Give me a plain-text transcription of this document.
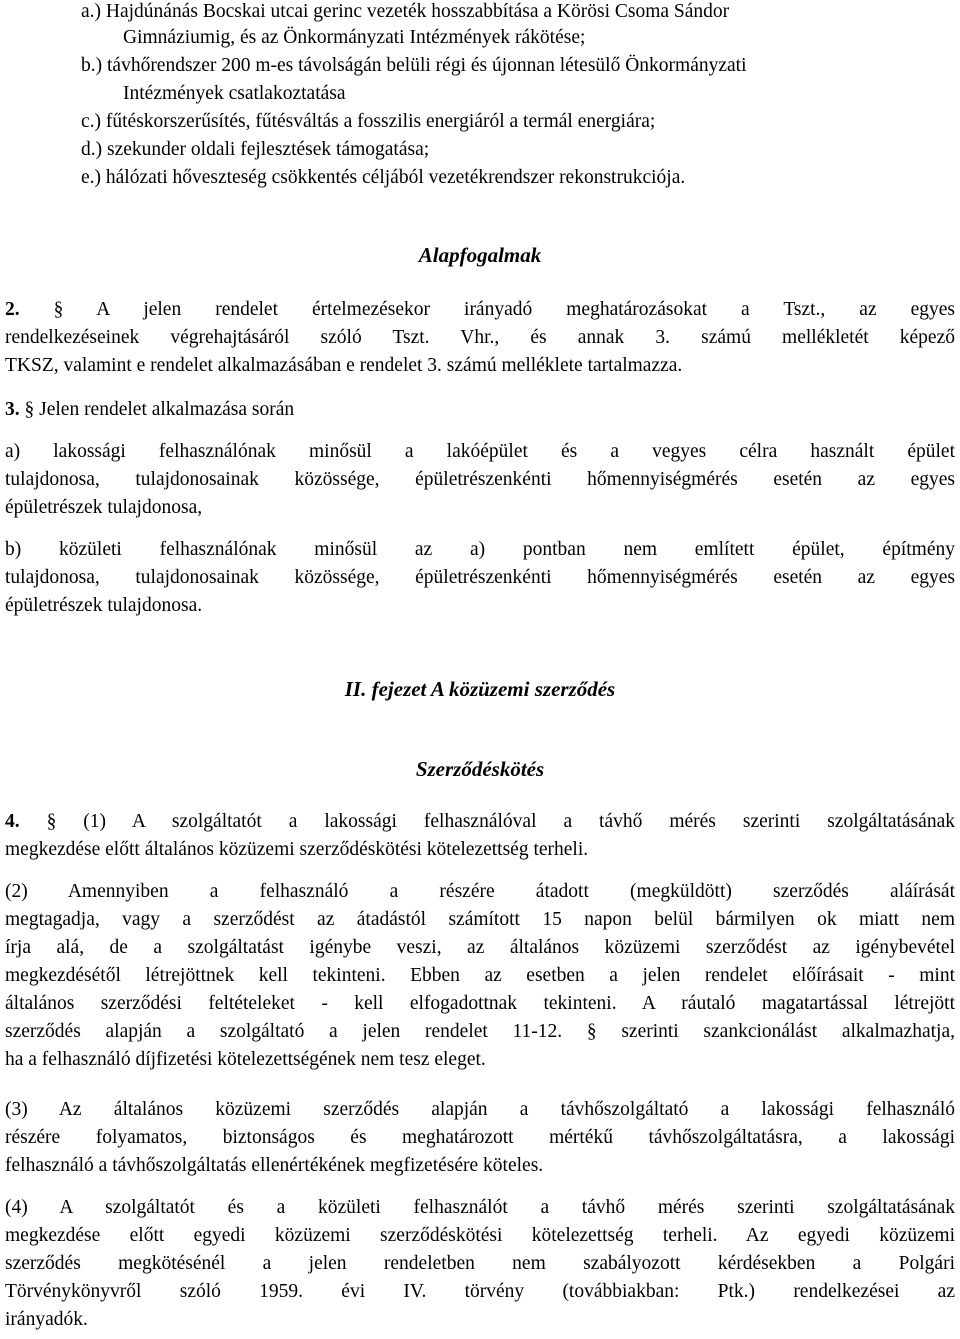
a.) Hajdúnánás Bocskai utcai gerinc vezeték hosszabbítása a Körösi Csoma Sándor
Gimnáziumig, és az Önkormányzati Intézmények rákötése;
b.) távhőrendszer 200 m-es távolságán belüli régi és újonnan létesülő Önkormányzati
Intézmények csatlakoztatása
c.) fűtéskorszerűsítés, fűtésváltás a fosszilis energiáról a termál energiára;
d.) szekunder oldali fejlesztések támogatása;
e.) hálózati hőveszteség csökkentés céljából vezetékrendszer rekonstrukciója.
Alapfogalmak
2. § A jelen rendelet értelmezésekor irányadó meghatározásokat a Tszt., az egyes
rendelkezéseinek végrehajtásáról szóló Tszt. Vhr., és annak 3. számú mellékletét képező
TKSZ, valamint e rendelet alkalmazásában e rendelet 3. számú melléklete tartalmazza.
3. § Jelen rendelet alkalmazása során
a) lakossági felhasználónak minősül a lakóépület és a vegyes célra használt épület
tulajdonosa, tulajdonosainak közössége, épületrészenkénti hőmennyiségmérés esetén az egyes
épületrészek tulajdonosa,
b) közületi felhasználónak minősül az a) pontban nem említett épület, építmény
tulajdonosa, tulajdonosainak közössége, épületrészenkénti hőmennyiségmérés esetén az egyes
épületrészek tulajdonosa.
II. fejezet A közüzemi szerződés
Szerződéskötés
4. § (1) A szolgáltatót a lakossági felhasználóval a távhő mérés szerinti szolgáltatásának
megkezdése előtt általános közüzemi szerződéskötési kötelezettség terheli.
(2) Amennyiben a felhasználó a részére átadott (megküldött) szerződés aláírását
megtagadja, vagy a szerződést az átadástól számított 15 napon belül bármilyen ok miatt nem
írja alá, de a szolgáltatást igénybe veszi, az általános közüzemi szerződést az igénybevétel
megkezdésétől létrejöttnek kell tekinteni. Ebben az esetben a jelen rendelet előírásait - mint
általános szerződési feltételeket - kell elfogadottnak tekinteni. A ráutaló magatartással létrejött
szerződés alapján a szolgáltató a jelen rendelet 11-12. § szerinti szankcionálást alkalmazhatja,
ha a felhasználó díjfizetési kötelezettségének nem tesz eleget.
(3) Az általános közüzemi szerződés alapján a távhőszolgáltató a lakossági felhasználó
részére folyamatos, biztonságos és meghatározott mértékű távhőszolgáltatásra, a lakossági
felhasználó a távhőszolgáltatás ellenértékének megfizetésére köteles.
(4) A szolgáltatót és a közületi felhasználót a távhő mérés szerinti szolgáltatásának
megkezdése előtt egyedi közüzemi szerződéskötési kötelezettség terheli. Az egyedi közüzemi
szerződés megkötésénél a jelen rendeletben nem szabályozott kérdésekben a Polgári
Törvénykönyvről szóló 1959. évi IV. törvény (továbbiakban: Ptk.) rendelkezései az
irányadók.
